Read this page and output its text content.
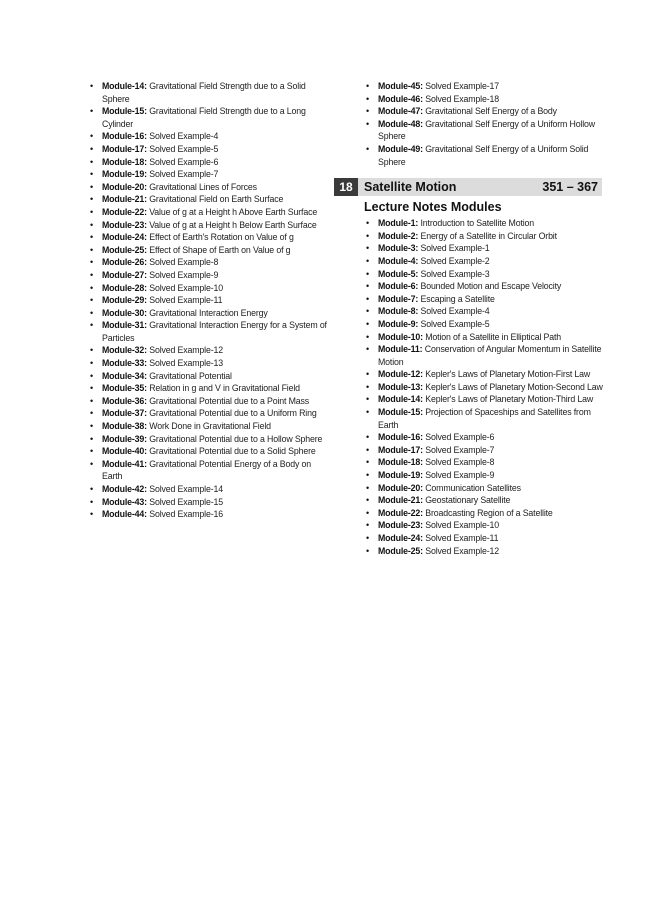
• Module-14: Gravitational Field Strength due to a Solid Sphere
• Module-15: Gravitational Field Strength due to a Long Cylinder
• Module-16: Solved Example-4
• Module-17: Solved Example-5
• Module-18: Solved Example-6
• Module-19: Solved Example-7
• Module-20: Gravitational Lines of Forces
• Module-21: Gravitational Field on Earth Surface
• Module-22: Value of g at a Height h Above Earth Surface
• Module-23: Value of g at a Height h Below Earth Surface
• Module-24: Effect of Earth's Rotation on Value of g
• Module-25: Effect of Shape of Earth on Value of g
• Module-26: Solved Example-8
• Module-27: Solved Example-9
• Module-28: Solved Example-10
• Module-29: Solved Example-11
• Module-30: Gravitational Interaction Energy
• Module-31: Gravitational Interaction Energy for a System of Particles
• Module-32: Solved Example-12
• Module-33: Solved Example-13
• Module-34: Gravitational Potential
• Module-35: Relation in g and V in Gravitational Field
• Module-36: Gravitational Potential due to a Point Mass
• Module-37: Gravitational Potential due to a Uniform Ring
• Module-38: Work Done in Gravitational Field
• Module-39: Gravitational Potential due to a Hollow Sphere
• Module-40: Gravitational Potential due to a Solid Sphere
• Module-41: Gravitational Potential Energy of a Body on Earth
• Module-42: Solved Example-14
• Module-43: Solved Example-15
• Module-44: Solved Example-16
• Module-45: Solved Example-17
• Module-46: Solved Example-18
• Module-47: Gravitational Self Energy of a Body
• Module-48: Gravitational Self Energy of a Uniform Hollow Sphere
• Module-49: Gravitational Self Energy of a Uniform Solid Sphere
18 Satellite Motion	351 – 367
Lecture Notes Modules
• Module-1: Introduction to Satellite Motion
• Module-2: Energy of a Satellite in Circular Orbit
• Module-3: Solved Example-1
• Module-4: Solved Example-2
• Module-5: Solved Example-3
• Module-6: Bounded Motion and Escape Velocity
• Module-7: Escaping a Satellite
• Module-8: Solved Example-4
• Module-9: Solved Example-5
• Module-10: Motion of a Satellite in Elliptical Path
• Module-11: Conservation of Angular Momentum in Satellite Motion
• Module-12: Kepler's Laws of Planetary Motion-First Law
• Module-13: Kepler's Laws of Planetary Motion-Second Law
• Module-14: Kepler's Laws of Planetary Motion-Third Law
• Module-15: Projection of Spaceships and Satellites from Earth
• Module-16: Solved Example-6
• Module-17: Solved Example-7
• Module-18: Solved Example-8
• Module-19: Solved Example-9
• Module-20: Communication Satellites
• Module-21: Geostationary Satellite
• Module-22: Broadcasting Region of a Satellite
• Module-23: Solved Example-10
• Module-24: Solved Example-11
• Module-25: Solved Example-12
